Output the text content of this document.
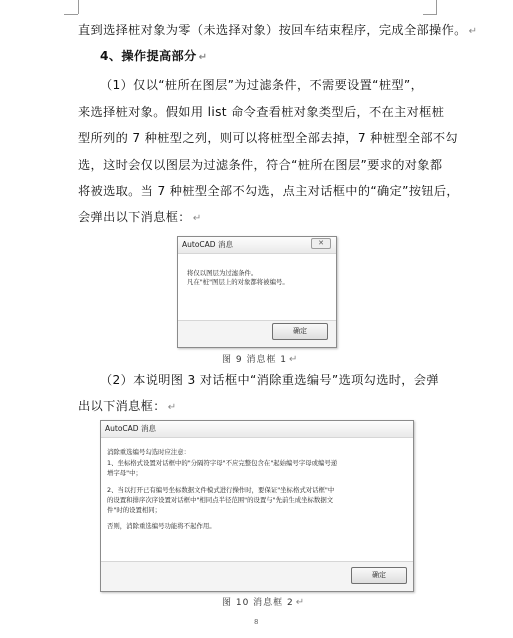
直到选择桩对象为零（未选择对象）按回车结束程序，完成全部操作。 ↵
4、操作提高部分 ↵
（1）仅以“桩所在图层”为过滤条件，不需要设置“桩型”，
来选择桩对象。假如用 list 命令查看桩对象类型后，不在主对框桩
型所列的 7 种桩型之列，则可以将桩型全部去掉，7 种桩型全部不勾
选，这时会仅以图层为过滤条件，符合“桩所在图层”要求的对象都
将被选取。当 7 种桩型全部不勾选，点主对话框中的“确定”按钮后，
会弹出以下消息框： ↵
AutoCAD 消息	✕
将仅以图层为过滤条件。
凡在"桩"图层上的对象都将被编号。
确定
图 9 消息框 1 ↵
（2）本说明图 3 对话框中“消除重选编号”选项勾选时，会弹
出以下消息框： ↵
AutoCAD 消息
消除重选编号勾选时应注意：
1、坐标格式设置对话框中的"分隔符字母"不应完整包含在"起始编号字母或编号递
增字母"中；
2、当以打开已有编号坐标数据文件模式进行操作时，要保证"坐标格式对话框"中
的设置和排序次序设置对话框中"相同点半径范围"的设置与"先前生成坐标数据文
件"时的设置相同；
否则，消除重选编号功能将不起作用。
确定
图 10 消息框 2 ↵
8
